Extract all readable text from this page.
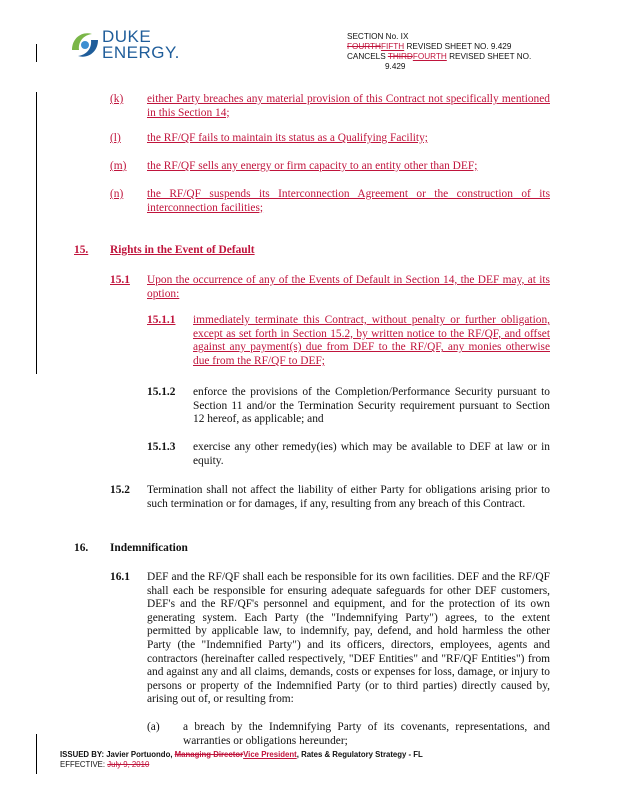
DUKE
ENERGY.
SECTION No. IX
FOURTHFIFTH REVISED SHEET NO. 9.429
CANCELS THIRDFOURTH REVISED SHEET NO.
9.429
(k) either Party breaches any material provision of this Contract not specifically mentioned in this Section 14;
(l) the RF/QF fails to maintain its status as a Qualifying Facility;
(m) the RF/QF sells any energy or firm capacity to an entity other than DEF;
(n) the RF/QF suspends its Interconnection Agreement or the construction of its interconnection facilities;
15. Rights in the Event of Default
15.1 Upon the occurrence of any of the Events of Default in Section 14, the DEF may, at its option:
15.1.1 immediately terminate this Contract, without penalty or further obligation, except as set forth in Section 15.2, by written notice to the RF/QF, and offset against any payment(s) due from DEF to the RF/QF, any monies otherwise due from the RF/QF to DEF;
15.1.2 enforce the provisions of the Completion/Performance Security pursuant to Section 11 and/or the Termination Security requirement pursuant to Section 12 hereof, as applicable; and
15.1.3 exercise any other remedy(ies) which may be available to DEF at law or in equity.
15.2 Termination shall not affect the liability of either Party for obligations arising prior to such termination or for damages, if any, resulting from any breach of this Contract.
16. Indemnification
16.1 DEF and the RF/QF shall each be responsible for its own facilities. DEF and the RF/QF shall each be responsible for ensuring adequate safeguards for other DEF customers, DEF's and the RF/QF's personnel and equipment, and for the protection of its own generating system. Each Party (the "Indemnifying Party") agrees, to the extent permitted by applicable law, to indemnify, pay, defend, and hold harmless the other Party (the "Indemnified Party") and its officers, directors, employees, agents and contractors (hereinafter called respectively, "DEF Entities" and "RF/QF Entities") from and against any and all claims, demands, costs or expenses for loss, damage, or injury to persons or property of the Indemnified Party (or to third parties) directly caused by, arising out of, or resulting from:
(a) a breach by the Indemnifying Party of its covenants, representations, and warranties or obligations hereunder;
ISSUED BY: Javier Portuondo, Managing DirectorVice President, Rates & Regulatory Strategy - FL
EFFECTIVE: July 9, 2010
